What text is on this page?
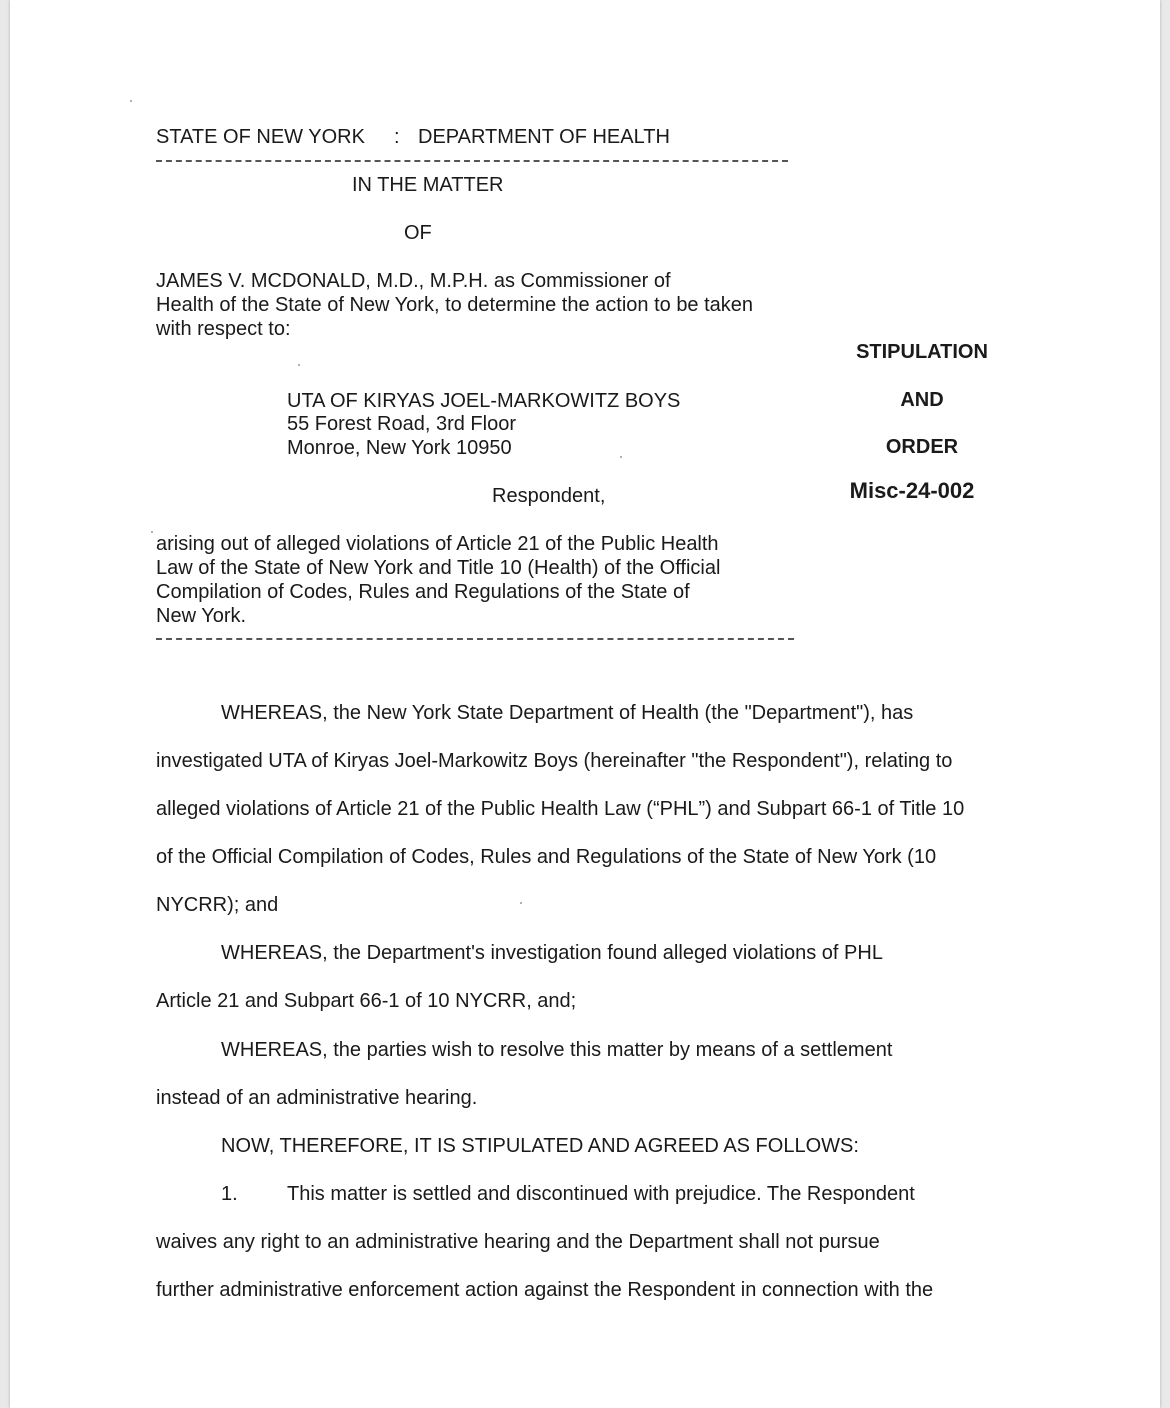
STATE OF NEW YORK : DEPARTMENT OF HEALTH
IN THE MATTER
OF
JAMES V. MCDONALD, M.D., M.P.H. as Commissioner of
Health of the State of New York, to determine the action to be taken
with respect to:
UTA OF KIRYAS JOEL-MARKOWITZ BOYS
55 Forest Road, 3rd Floor
Monroe, New York 10950
Respondent,
arising out of alleged violations of Article 21 of the Public Health
Law of the State of New York and Title 10 (Health) of the Official
Compilation of Codes, Rules and Regulations of the State of
New York.
STIPULATION
AND
ORDER
Misc-24-002
WHEREAS, the New York State Department of Health (the "Department"), has
investigated UTA of Kiryas Joel-Markowitz Boys (hereinafter "the Respondent"), relating to
alleged violations of Article 21 of the Public Health Law (“PHL”) and Subpart 66-1 of Title 10
of the Official Compilation of Codes, Rules and Regulations of the State of New York (10
NYCRR); and
WHEREAS, the Department's investigation found alleged violations of PHL
Article 21 and Subpart 66-1 of 10 NYCRR, and;
WHEREAS, the parties wish to resolve this matter by means of a settlement
instead of an administrative hearing.
NOW, THEREFORE, IT IS STIPULATED AND AGREED AS FOLLOWS:
1. This matter is settled and discontinued with prejudice. The Respondent
waives any right to an administrative hearing and the Department shall not pursue
further administrative enforcement action against the Respondent in connection with the
